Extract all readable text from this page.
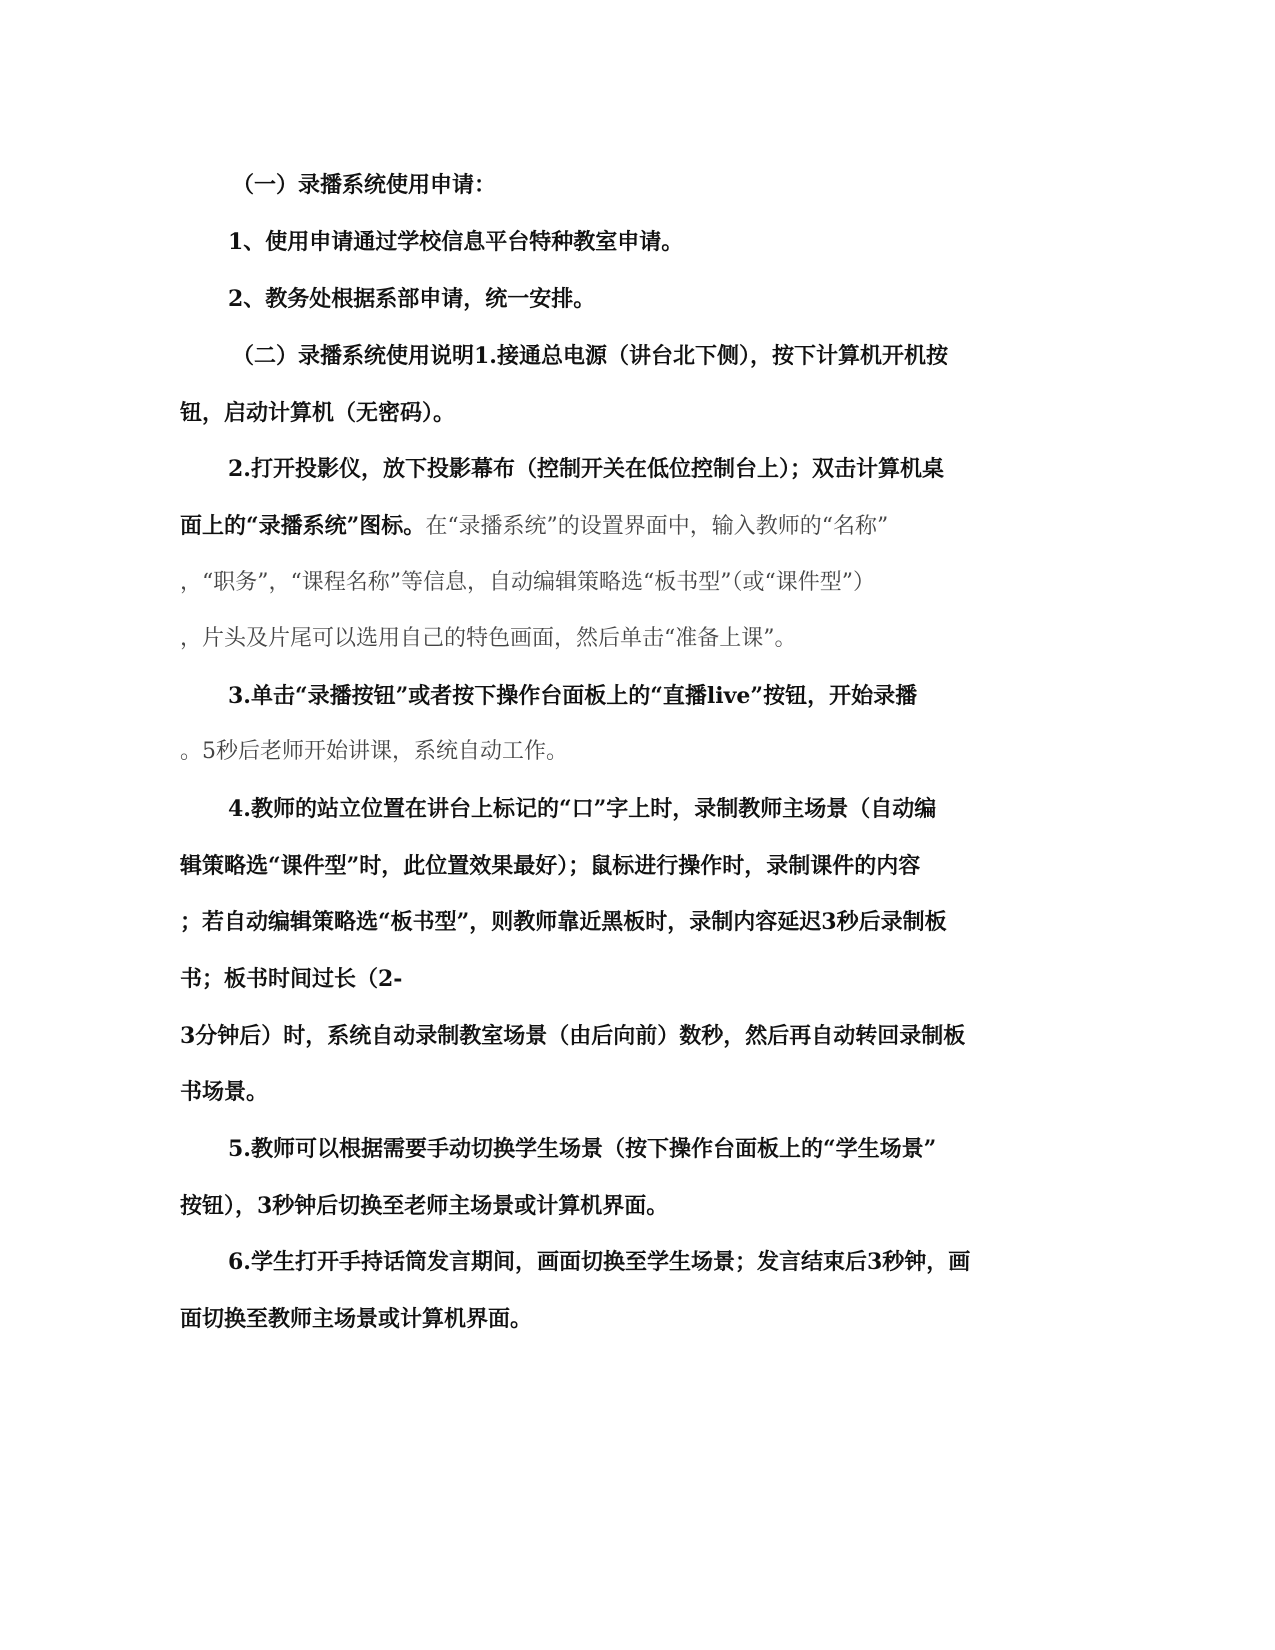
（一）录播系统使用申请：
1、使用申请通过学校信息平台特种教室申请。
2、教务处根据系部申请，统一安排。
（二）录播系统使用说明1.接通总电源（讲台北下侧），按下计算机开机按
钮，启动计算机（无密码）。
2.打开投影仪，放下投影幕布（控制开关在低位控制台上）；双击计算机桌
面上的“录播系统”图标。在“录播系统”的设置界面中，输入教师的“名称”
，“职务”，“课程名称”等信息，自动编辑策略选“板书型”（或“课件型”）
，片头及片尾可以选用自己的特色画面，然后单击“准备上课”。
3.单击“录播按钮”或者按下操作台面板上的“直播live”按钮，开始录播
。5秒后老师开始讲课，系统自动工作。
4.教师的站立位置在讲台上标记的“口”字上时，录制教师主场景（自动编
辑策略选“课件型”时，此位置效果最好）；鼠标进行操作时，录制课件的内容
；若自动编辑策略选“板书型”，则教师靠近黑板时，录制内容延迟3秒后录制板
书；板书时间过长（2-
3分钟后）时，系统自动录制教室场景（由后向前）数秒，然后再自动转回录制板
书场景。
5.教师可以根据需要手动切换学生场景（按下操作台面板上的“学生场景”
按钮），3秒钟后切换至老师主场景或计算机界面。
6.学生打开手持话筒发言期间，画面切换至学生场景；发言结束后3秒钟，画
面切换至教师主场景或计算机界面。
